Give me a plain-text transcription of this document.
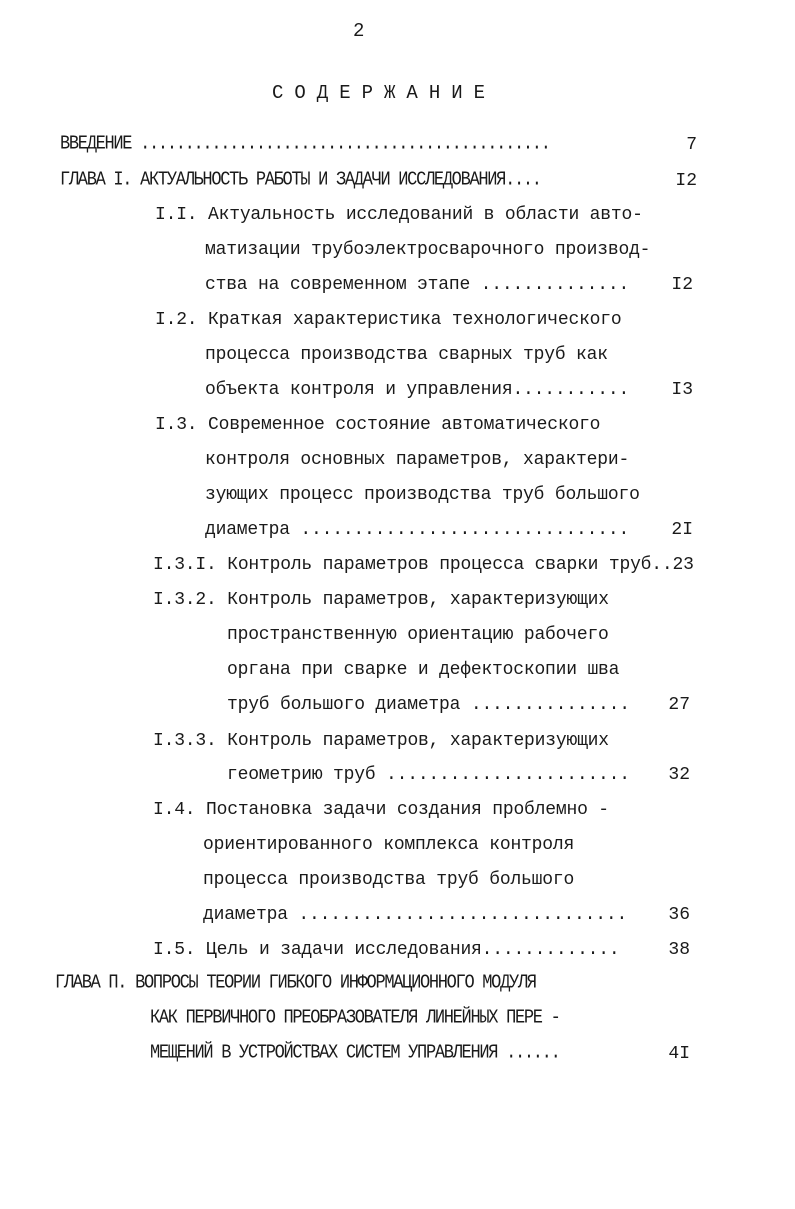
2
С О Д Е Р Ж А Н И Е
ВВЕДЕНИЕ ..............................................	7
ГЛАВА I. АКТУАЛЬНОСТЬ РАБОТЫ И ЗАДАЧИ ИССЛЕДОВАНИЯ....	I2
I.I. Актуальность исследований в области авто-
матизации трубоэлектросварочного производ-
ства на современном этапе ..............	I2
I.2. Краткая характеристика технологического
процесса производства сварных труб как
объекта контроля и управления...........	I3
I.3. Современное состояние автоматического
контроля основных параметров, характери-
зующих процесс производства труб большого
диаметра ...............................	2I
I.3.I. Контроль параметров процесса сварки труб..23
I.3.2. Контроль параметров, характеризующих
пространственную ориентацию рабочего
органа при сварке и дефектоскопии шва
труб большого диаметра ...............	27
I.3.3. Контроль параметров, характеризующих
геометрию труб .......................	32
I.4. Постановка задачи создания проблемно -
ориентированного комплекса контроля
процесса производства труб большого
диаметра ...............................	36
I.5. Цель и задачи исследования.............	38
ГЛАВА П. ВОПРОСЫ ТЕОРИИ ГИБКОГО ИНФОРМАЦИОННОГО МОДУЛЯ
КАК ПЕРВИЧНОГО ПРЕОБРАЗОВАТЕЛЯ ЛИНЕЙНЫХ ПЕРЕ -
МЕЩЕНИЙ В УСТРОЙСТВАХ СИСТЕМ УПРАВЛЕНИЯ ......	4I
